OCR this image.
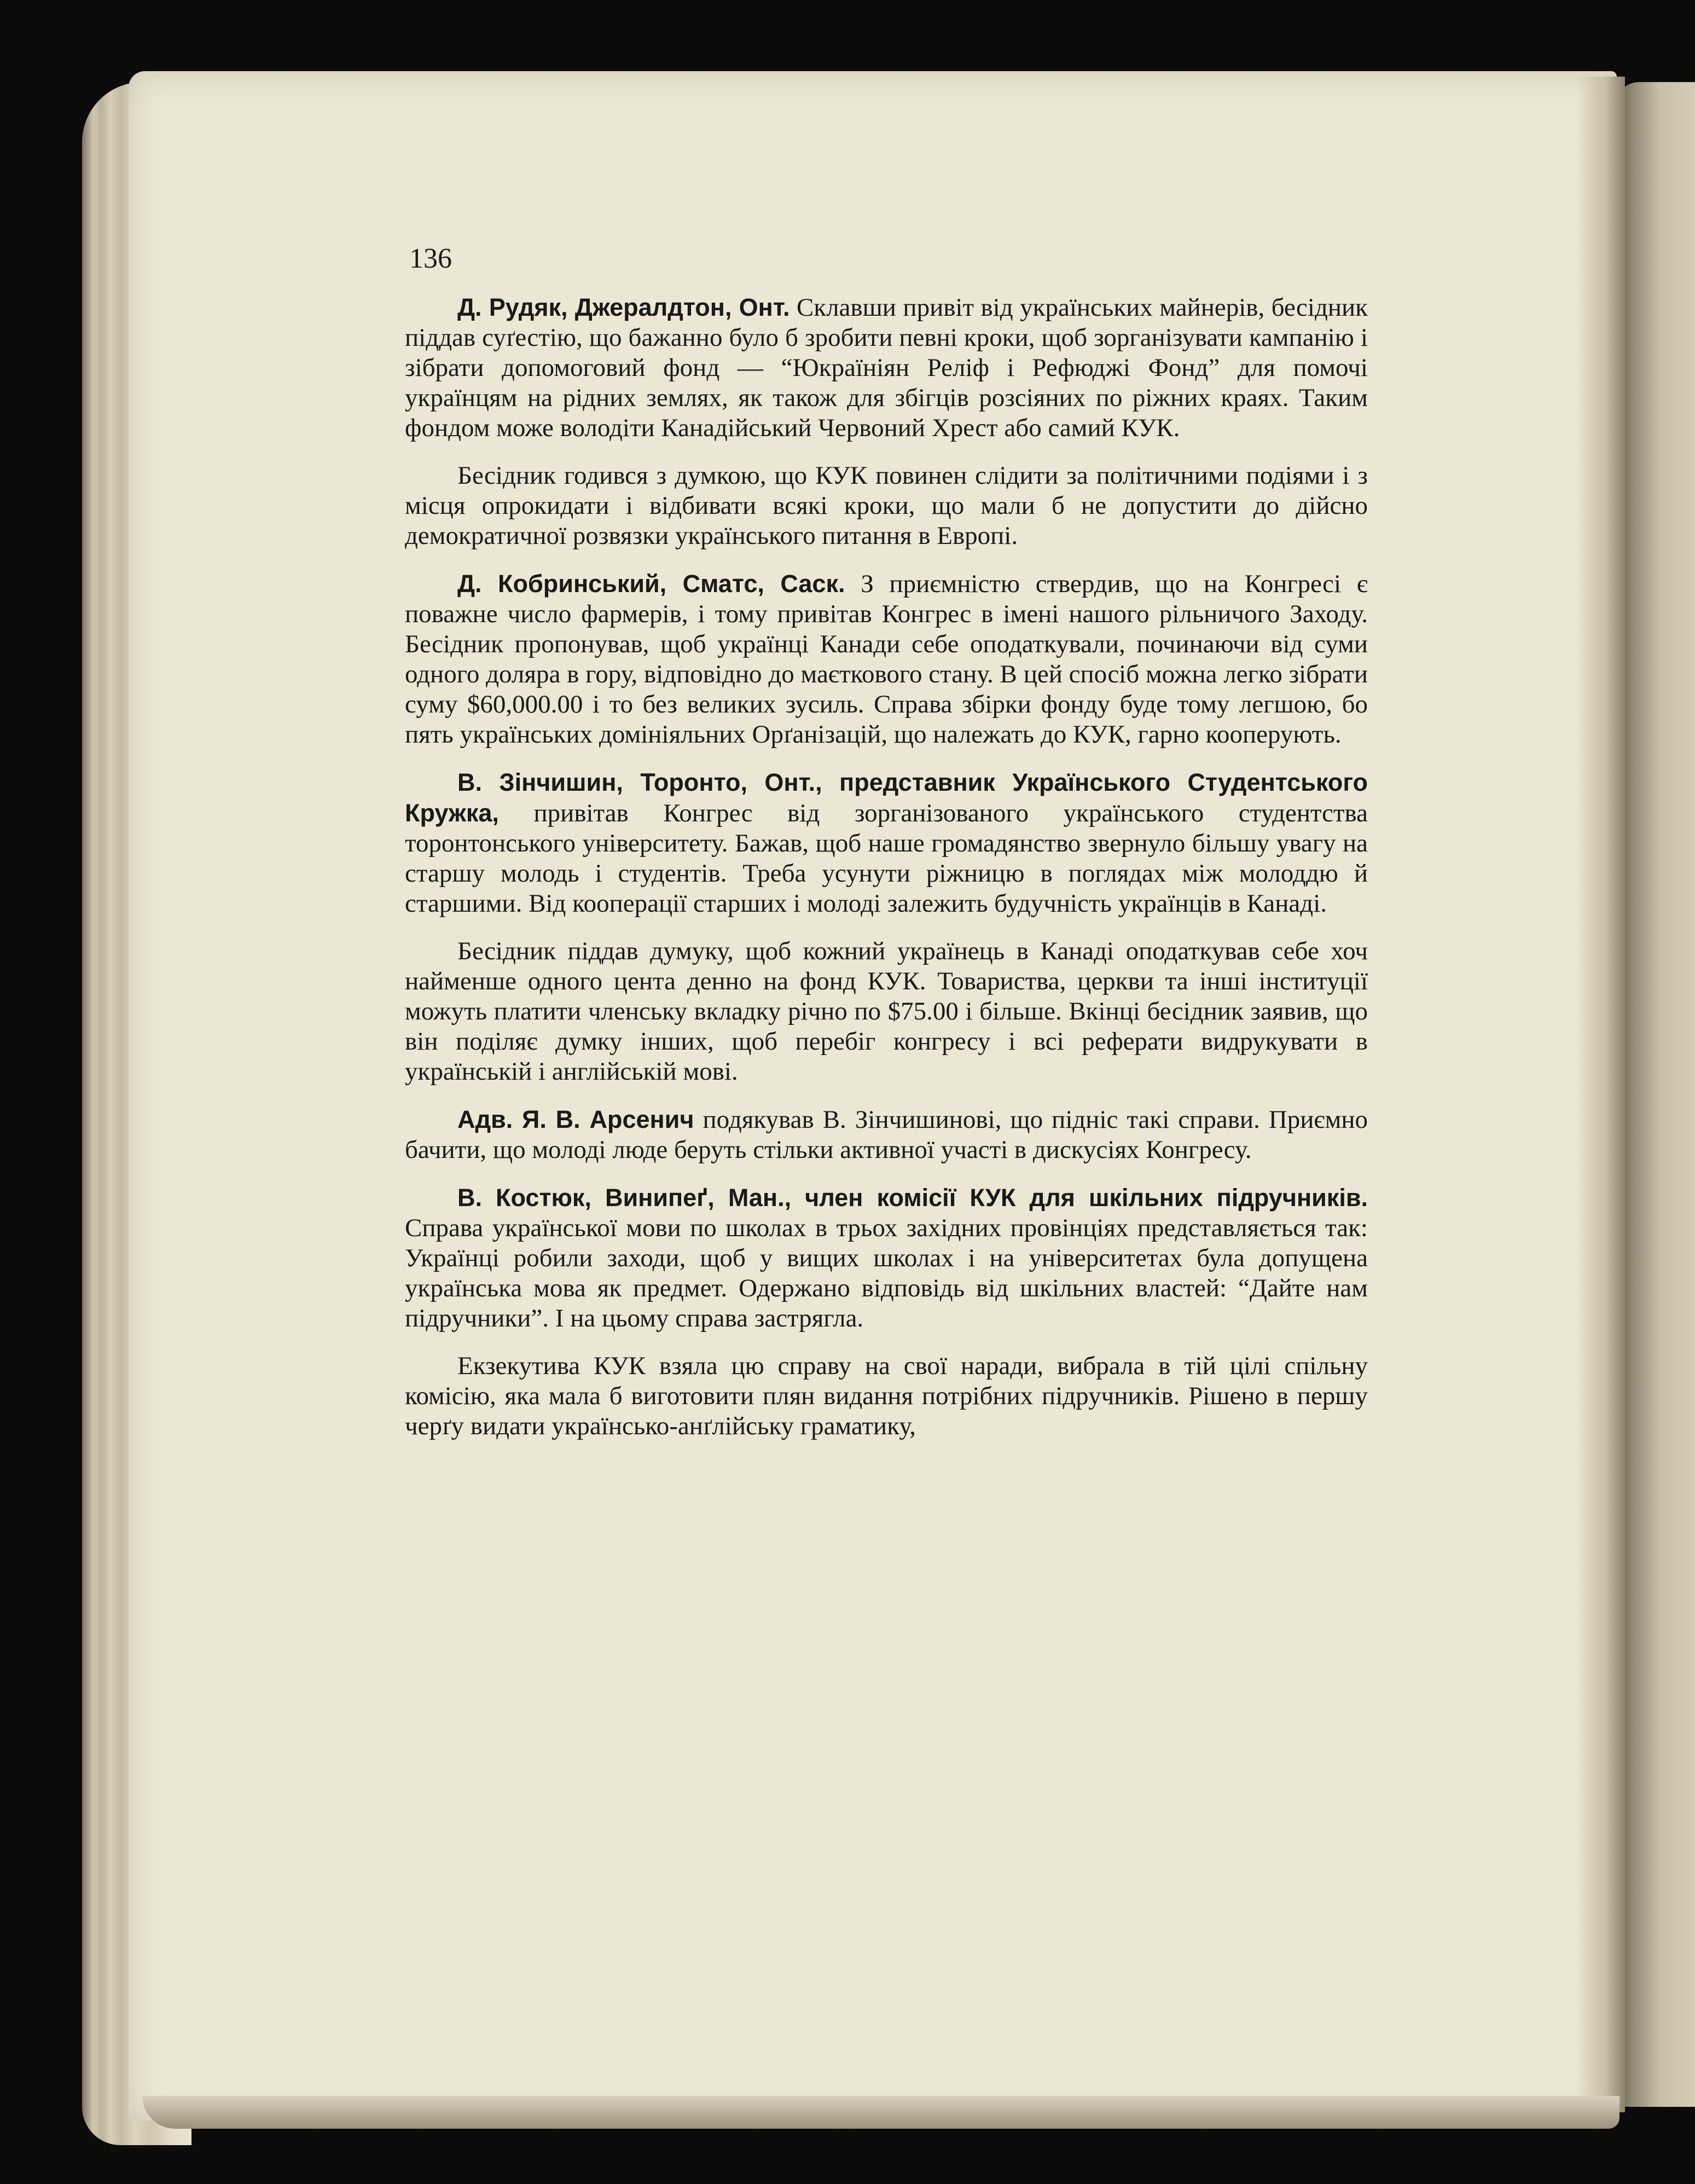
136

Д. Рудяк, Джералдтон, Онт. Склавши привіт від українських майнерів, бесідник піддав суґестію, що бажанно було б зробити певні кроки, щоб зорганізувати кампанію і зібрати допомоговий фонд — “Юкраїніян Реліф і Рефюджі Фонд” для помочі українцям на рідних землях, як також для збігців розсіяних по ріжних краях. Таким фондом може володіти Канадійський Червоний Хрест або самий КУК.

Бесідник годився з думкою, що КУК повинен слідити за політичними подіями і з місця опрокидати і відбивати всякі кроки, що мали б не допустити до дійсно демократичної розвязки українського питання в Европі.

Д. Кобринський, Сматс, Саск. З приємністю ствердив, що на Конгресі є поважне число фармерів, і тому привітав Конгрес в імені нашого рільничого Заходу. Бесідник пропонував, щоб українці Канади себе оподаткували, починаючи від суми одного доляра в гору, відповідно до маєткового стану. В цей спосіб можна легко зібрати суму $60,000.00 і то без великих зусиль. Справа збірки фонду буде тому легшою, бо пять українських домініяльних Орґанізацій, що належать до КУК, гарно кооперують.

В. Зінчишин, Торонто, Онт., представник Українського Студентського Кружка, привітав Конгрес від зорганізованого українського студентства торонтонського університету. Бажав, щоб наше громадянство звернуло більшу увагу на старшу молодь і студентів. Треба усунути ріжницю в поглядах між молоддю й старшими. Від кооперації старших і молоді залежить будучність українців в Канаді.

Бесідник піддав думуку, щоб кожний українець в Канаді оподаткував себе хоч найменше одного цента денно на фонд КУК. Товариства, церкви та інші інституції можуть платити членську вкладку річно по $75.00 і більше. Вкінці бесідник заявив, що він поділяє думку інших, щоб перебіг конгресу і всі реферати видрукувати в українській і англійській мові.

Адв. Я. В. Арсенич подякував В. Зінчишинові, що підніс такі справи. Приємно бачити, що молоді люде беруть стільки активної участі в дискусіях Конгресу.

В. Костюк, Винипеґ, Ман., член комісії КУК для шкільних підручників. Справа української мови по школах в трьох західних провінціях представляється так: Українці робили заходи, щоб у вищих школах і на університетах була допущена українська мова як предмет. Одержано відповідь від шкільних властей: “Дайте нам підручники”. І на цьому справа застрягла.

Екзекутива КУК взяла цю справу на свої наради, вибрала в тій цілі спільну комісію, яка мала б виготовити плян видання потрібних підручників. Рішено в першу черґу видати українсько-анґлійську граматику,
